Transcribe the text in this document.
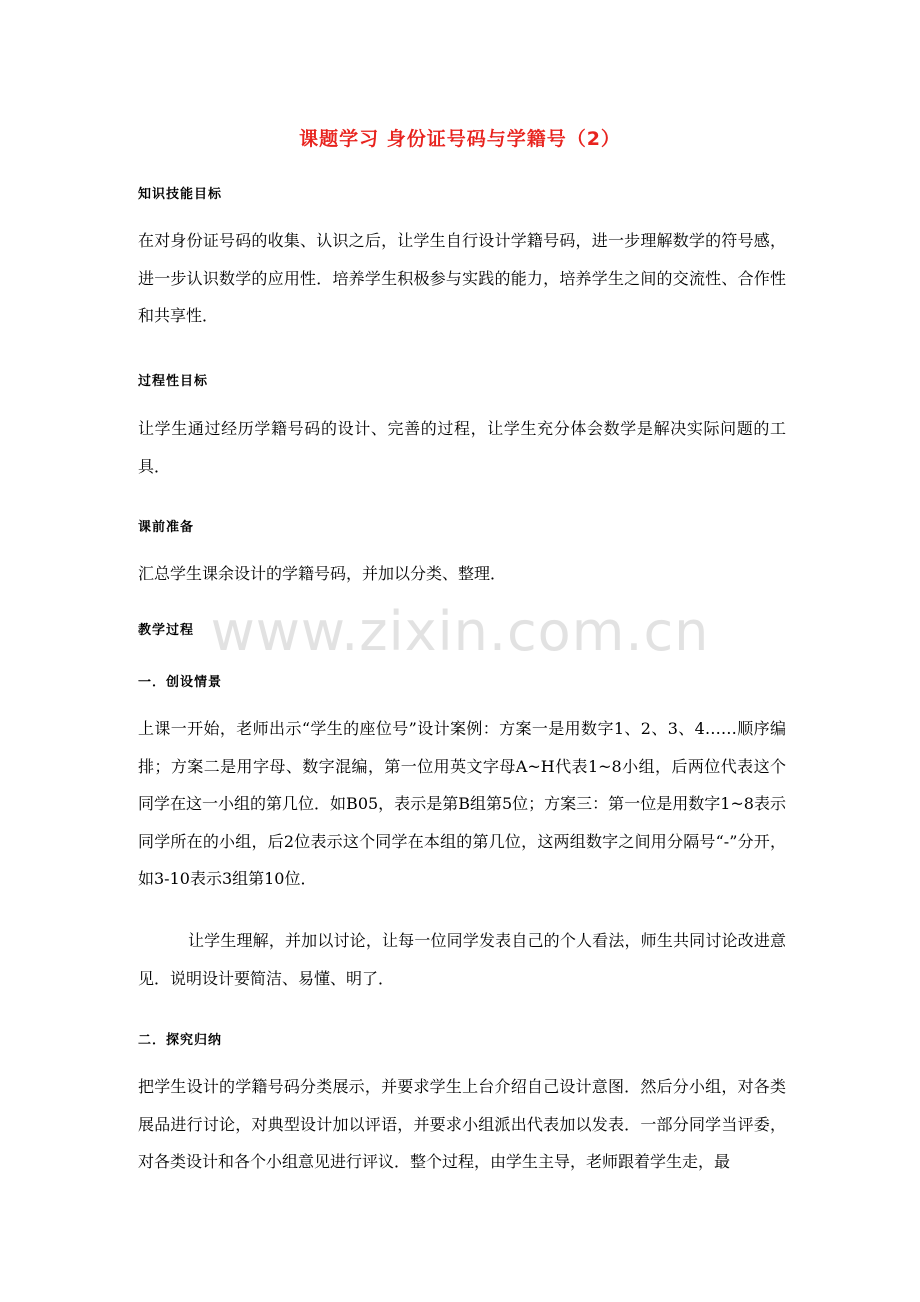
课题学习 身份证号码与学籍号（2）
知识技能目标

在对身份证号码的收集、认识之后，让学生自行设计学籍号码，进一步理解数学的符号感，进一步认识数学的应用性．培养学生积极参与实践的能力，培养学生之间的交流性、合作性和共享性．

过程性目标

让学生通过经历学籍号码的设计、完善的过程，让学生充分体会数学是解决实际问题的工具．

课前准备

汇总学生课余设计的学籍号码，并加以分类、整理．

教学过程
一．创设情景

上课一开始，老师出示“学生的座位号”设计案例：方案一是用数字1、2、3、4……顺序编排；方案二是用字母、数字混编，第一位用英文字母A~H代表1~8小组，后两位代表这个同学在这一小组的第几位．如B05，表示是第B组第5位；方案三：第一位是用数字1~8表示同学所在的小组，后2位表示这个同学在本组的第几位，这两组数字之间用分隔号“-”分开，如3-10表示3组第10位．

让学生理解，并加以讨论，让每一位同学发表自己的个人看法，师生共同讨论改进意见．说明设计要简洁、易懂、明了．

二．探究归纳

把学生设计的学籍号码分类展示，并要求学生上台介绍自己设计意图．然后分小组，对各类展品进行讨论，对典型设计加以评语，并要求小组派出代表加以发表．一部分同学当评委，对各类设计和各个小组意见进行评议．整个过程，由学生主导，老师跟着学生走，最

www.zixin.com.cn
